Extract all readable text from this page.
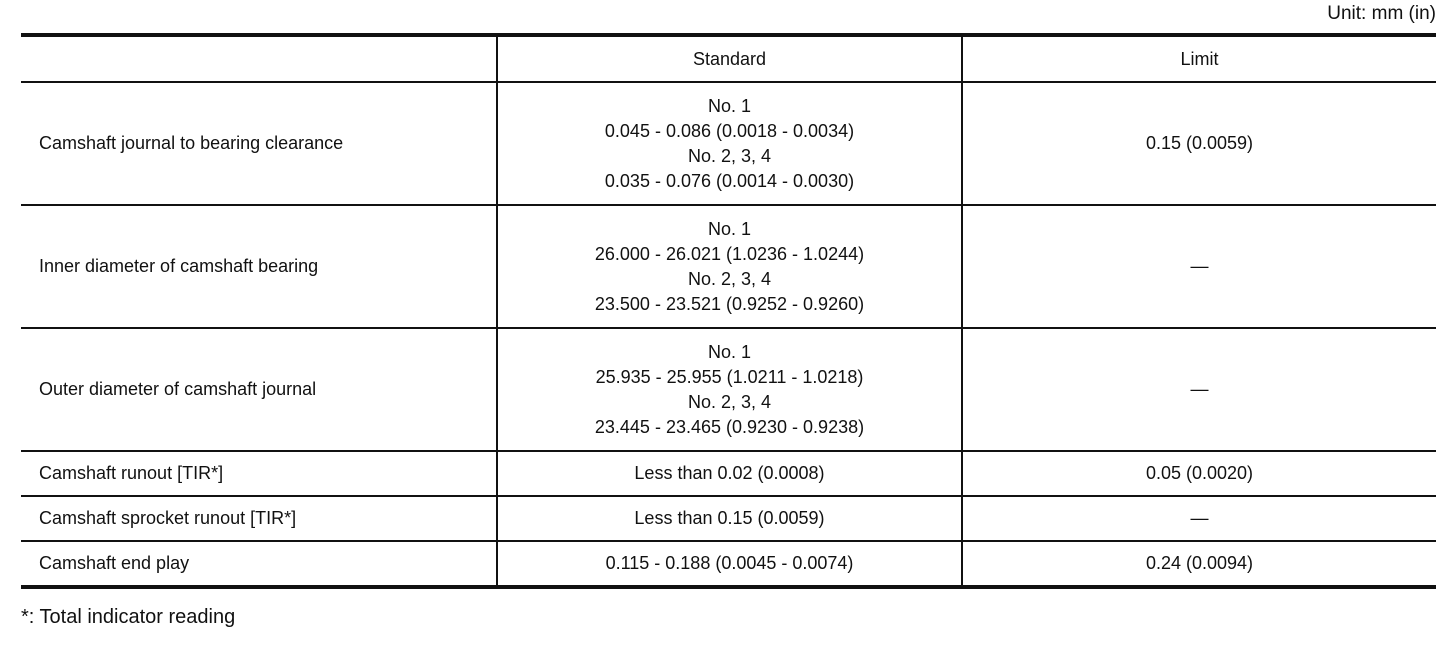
Unit: mm (in)
	Standard	Limit
Camshaft journal to bearing clearance	No. 1
0.045 - 0.086 (0.0018 - 0.0034)
No. 2, 3, 4
0.035 - 0.076 (0.0014 - 0.0030)	0.15 (0.0059)
Inner diameter of camshaft bearing	No. 1
26.000 - 26.021 (1.0236 - 1.0244)
No. 2, 3, 4
23.500 - 23.521 (0.9252 - 0.9260)	—
Outer diameter of camshaft journal	No. 1
25.935 - 25.955 (1.0211 - 1.0218)
No. 2, 3, 4
23.445 - 23.465 (0.9230 - 0.9238)	—
Camshaft runout [TIR*]	Less than 0.02 (0.0008)	0.05 (0.0020)
Camshaft sprocket runout [TIR*]	Less than 0.15 (0.0059)	—
Camshaft end play	0.115 - 0.188 (0.0045 - 0.0074)	0.24 (0.0094)
*: Total indicator reading
